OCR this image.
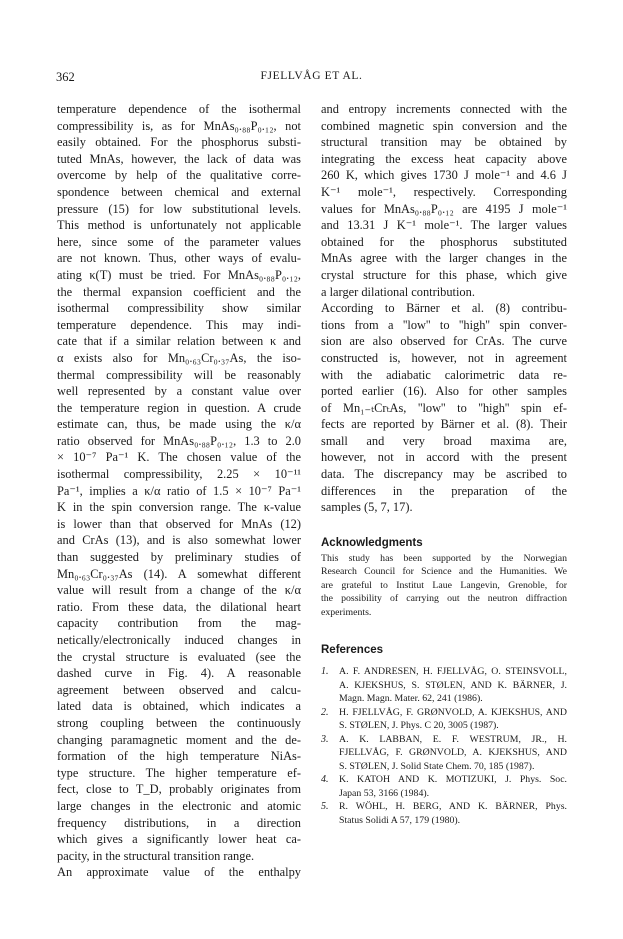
362	FJELLVÅG ET AL.
temperature dependence of the isothermal
compressibility is, as for MnAs₀.₈₈P₀.₁₂, not
easily obtained. For the phosphorus substi-
tuted MnAs, however, the lack of data was
overcome by help of the qualitative corre-
spondence between chemical and external
pressure (15) for low substitutional levels.
This method is unfortunately not applicable
here, since some of the parameter values
are not known. Thus, other ways of evalu-
ating κ(T) must be tried. For MnAs₀.₈₈P₀.₁₂,
the thermal expansion coefficient and the
isothermal compressibility show similar
temperature dependence. This may indi-
cate that if a similar relation between κ and
α exists also for Mn₀.₆₃Cr₀.₃₇As, the iso-
thermal compressibility will be reasonably
well represented by a constant value over
the temperature region in question. A crude
estimate can, thus, be made using the κ/α
ratio observed for MnAs₀.₈₈P₀.₁₂, 1.3 to 2.0
× 10⁻⁷ Pa⁻¹ K. The chosen value of the
isothermal compressibility, 2.25 × 10⁻¹¹
Pa⁻¹, implies a κ/α ratio of 1.5 × 10⁻⁷ Pa⁻¹
K in the spin conversion range. The κ-value
is lower than that observed for MnAs (12)
and CrAs (13), and is also somewhat lower
than suggested by preliminary studies of
Mn₀.₆₃Cr₀.₃₇As (14). A somewhat different
value will result from a change of the κ/α
ratio. From these data, the dilational heart
capacity contribution from the mag-
netically/electronically induced changes in
the crystal structure is evaluated (see the
dashed curve in Fig. 4). A reasonable
agreement between observed and calcu-
lated data is obtained, which indicates a
strong coupling between the continuously
changing paramagnetic moment and the de-
formation of the high temperature NiAs-
type structure. The higher temperature ef-
fect, close to T_D, probably originates from
large changes in the electronic and atomic
frequency distributions, in a direction
which gives a significantly lower heat ca-
pacity, in the structural transition range.
An approximate value of the enthalpy
and entropy increments connected with the
combined magnetic spin conversion and the
structural transition may be obtained by
integrating the excess heat capacity above
260 K, which gives 1730 J mole⁻¹ and 4.6 J
K⁻¹ mole⁻¹, respectively. Corresponding
values for MnAs₀.₈₈P₀.₁₂ are 4195 J mole⁻¹
and 13.31 J K⁻¹ mole⁻¹. The larger values
obtained for the phosphorus substituted
MnAs agree with the larger changes in the
crystal structure for this phase, which give
a larger dilational contribution.
According to Bärner et al. (8) contribu-
tions from a ''low'' to ''high'' spin conver-
sion are also observed for CrAs. The curve
constructed is, however, not in agreement
with the adiabatic calorimetric data re-
ported earlier (16). Also for other samples
of Mn₁₋ₜCrₜAs, ''low'' to ''high'' spin ef-
fects are reported by Bärner et al. (8). Their
small and very broad maxima are,
however, not in accord with the present
data. The discrepancy may be ascribed to
differences in the preparation of the
samples (5, 7, 17).
Acknowledgments
This study has been supported by the Norwegian
Research Council for Science and the Humanities. We
are grateful to Institut Laue Langevin, Grenoble, for
the possibility of carrying out the neutron diffraction
experiments.
References
1. A. F. ANDRESEN, H. FJELLVÅG, O. STEINSVOLL,
A. KJEKSHUS, S. STØLEN, AND K. BÄRNER, J.
Magn. Magn. Mater. 62, 241 (1986).
2. H. FJELLVÅG, F. GRØNVOLD, A. KJEKSHUS, AND
S. STØLEN, J. Phys. C 20, 3005 (1987).
3. A. K. LABBAN, E. F. WESTRUM, JR., H.
FJELLVÅG, F. GRØNVOLD, A. KJEKSHUS, AND
S. STØLEN, J. Solid State Chem. 70, 185 (1987).
4. K. KATOH AND K. MOTIZUKI, J. Phys. Soc.
Japan 53, 3166 (1984).
5. R. WÖHL, H. BERG, AND K. BÄRNER, Phys.
Status Solidi A 57, 179 (1980).
